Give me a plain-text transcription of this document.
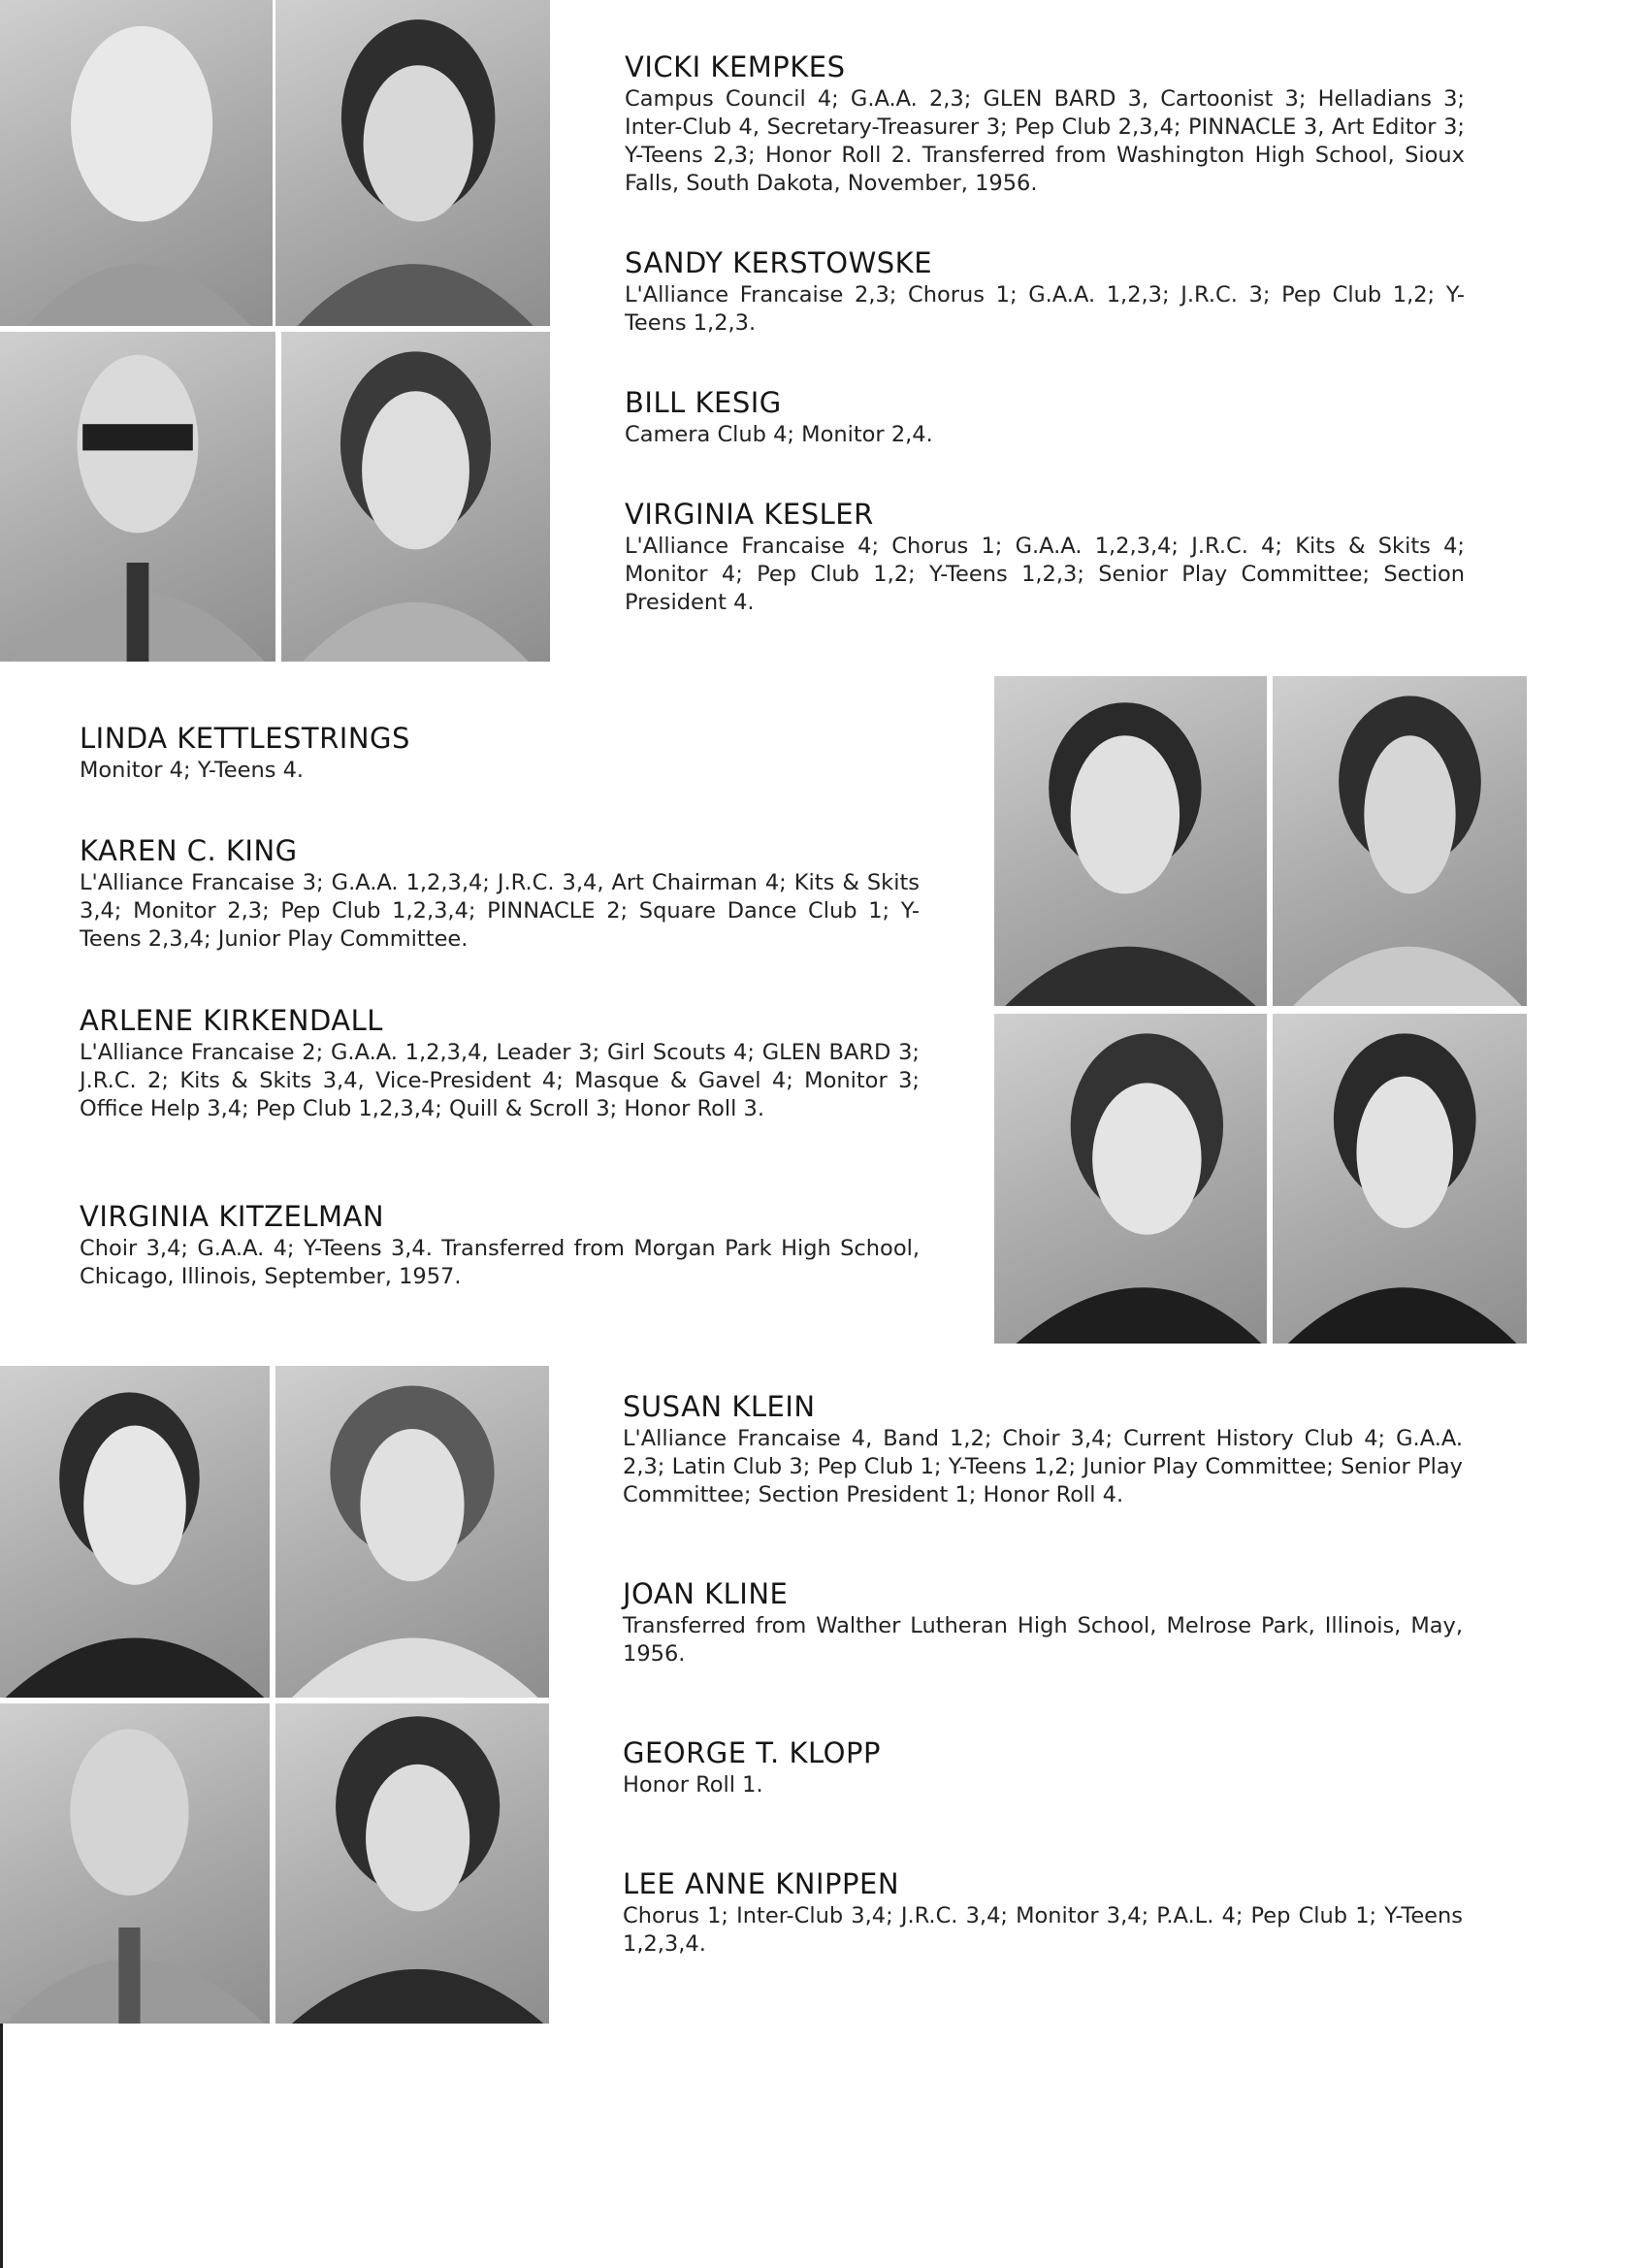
VICKI KEMPKES

Campus Council 4; G.A.A. 2,3; GLEN BARD 3, Cartoonist 3; Helladians 3; Inter-Club 4, Secretary-Treasurer 3; Pep Club 2,3,4; PINNACLE 3, Art Editor 3; Y-Teens 2,3; Honor Roll 2. Transferred from Washington High School, Sioux Falls, South Dakota, November, 1956.

SANDY KERSTOWSKE

L'Alliance Francaise 2,3; Chorus 1; G.A.A. 1,2,3; J.R.C. 3; Pep Club 1,2; Y-Teens 1,2,3.

BILL KESIG

Camera Club 4; Monitor 2,4.

VIRGINIA KESLER

L'Alliance Francaise 4; Chorus 1; G.A.A. 1,2,3,4; J.R.C. 4; Kits & Skits 4; Monitor 4; Pep Club 1,2; Y-Teens 1,2,3; Senior Play Committee; Section President 4.

LINDA KETTLESTRINGS

Monitor 4; Y-Teens 4.

KAREN C. KING

L'Alliance Francaise 3; G.A.A. 1,2,3,4; J.R.C. 3,4, Art Chairman 4; Kits & Skits 3,4; Monitor 2,3; Pep Club 1,2,3,4; PINNACLE 2; Square Dance Club 1; Y-Teens 2,3,4; Junior Play Committee.

ARLENE KIRKENDALL

L'Alliance Francaise 2; G.A.A. 1,2,3,4, Leader 3; Girl Scouts 4; GLEN BARD 3; J.R.C. 2; Kits & Skits 3,4, Vice-President 4; Masque & Gavel 4; Monitor 3; Office Help 3,4; Pep Club 1,2,3,4; Quill & Scroll 3; Honor Roll 3.

VIRGINIA KITZELMAN

Choir 3,4; G.A.A. 4; Y-Teens 3,4. Transferred from Morgan Park High School, Chicago, Illinois, September, 1957.

SUSAN KLEIN

L'Alliance Francaise 4, Band 1,2; Choir 3,4; Current History Club 4; G.A.A. 2,3; Latin Club 3; Pep Club 1; Y-Teens 1,2; Junior Play Committee; Senior Play Committee; Section President 1; Honor Roll 4.

JOAN KLINE

Transferred from Walther Lutheran High School, Melrose Park, Illinois, May, 1956.

GEORGE T. KLOPP

Honor Roll 1.

LEE ANNE KNIPPEN

Chorus 1; Inter-Club 3,4; J.R.C. 3,4; Monitor 3,4; P.A.L. 4; Pep Club 1; Y-Teens 1,2,3,4.
